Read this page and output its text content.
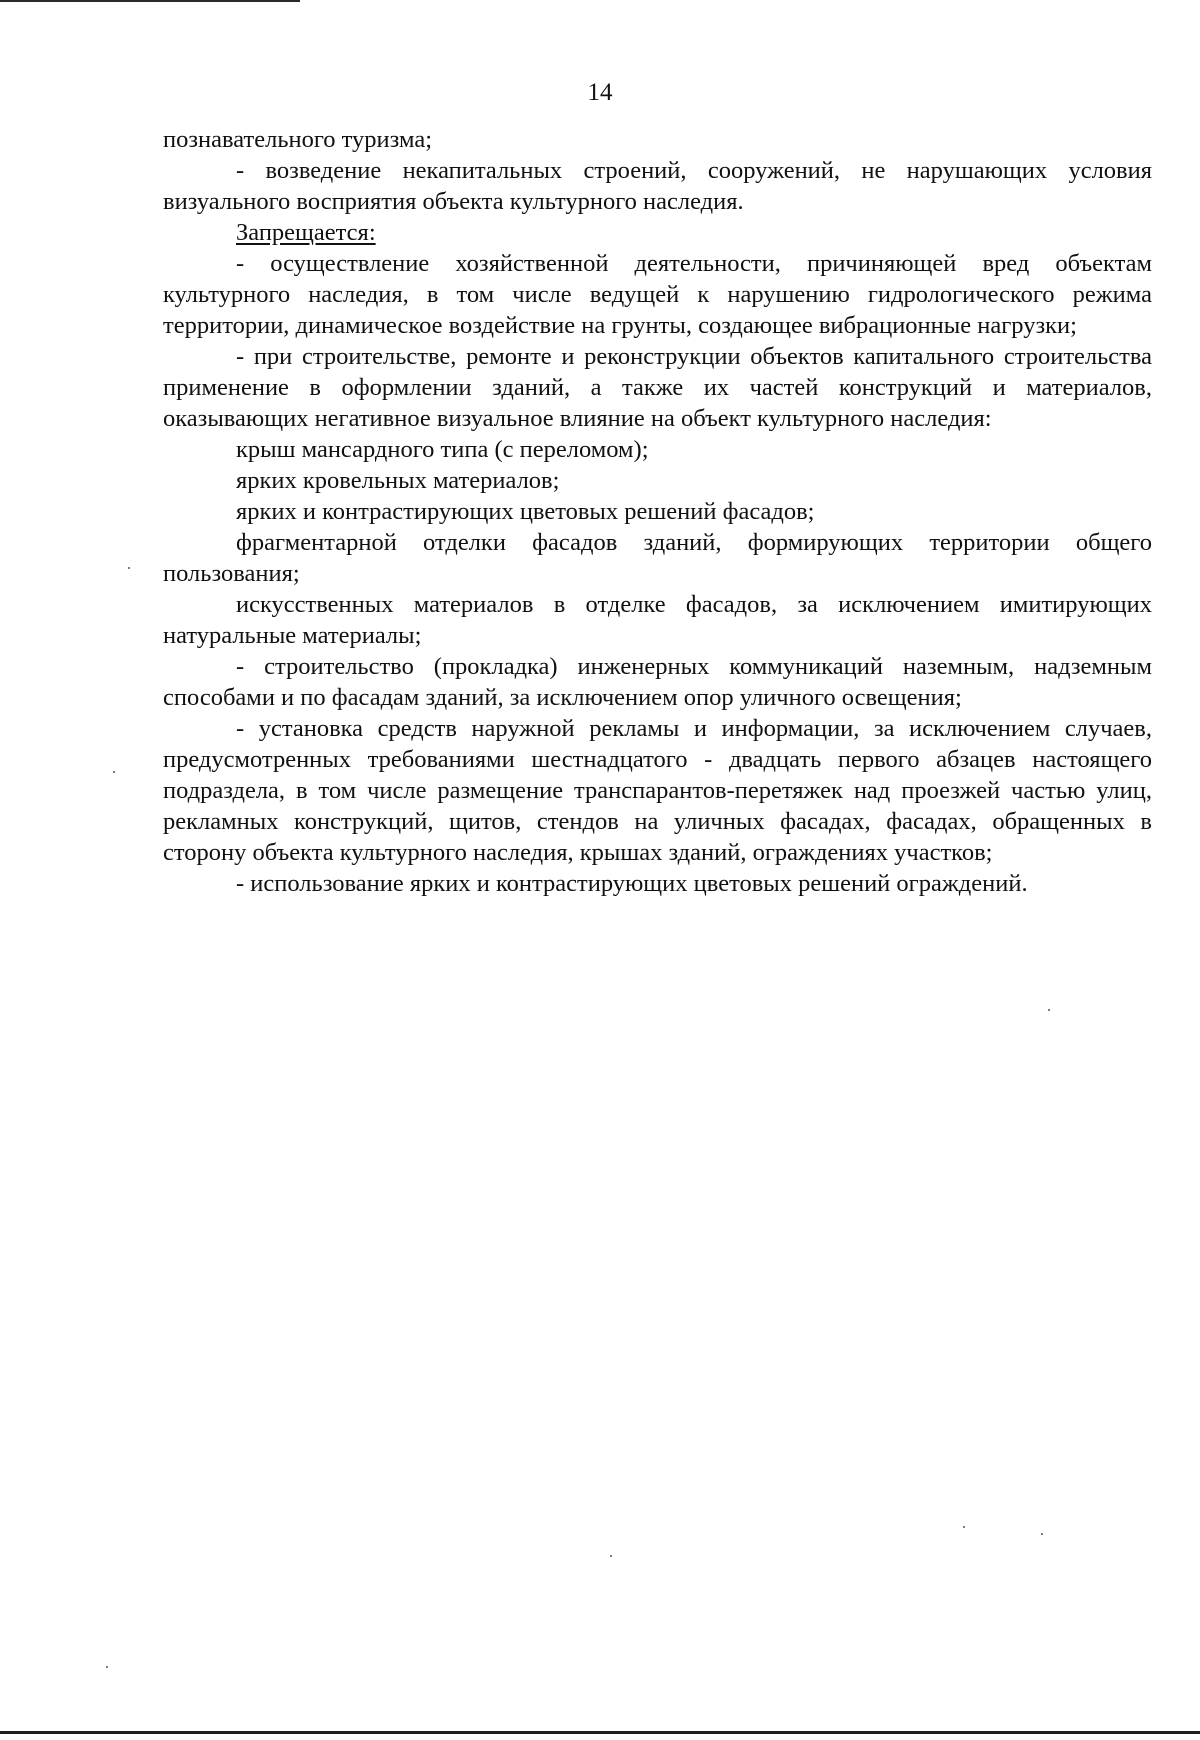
14

познавательного туризма;

- возведение некапитальных строений, сооружений, не нарушающих условия визуального восприятия объекта культурного наследия.

Запрещается:

- осуществление хозяйственной деятельности, причиняющей вред объектам культурного наследия, в том числе ведущей к нарушению гидрологического режима территории, динамическое воздействие на грунты, создающее вибрационные нагрузки;

- при строительстве, ремонте и реконструкции объектов капитального строительства применение в оформлении зданий, а также их частей конструкций и материалов, оказывающих негативное визуальное влияние на объект культурного наследия:

крыш мансардного типа (с переломом);

ярких кровельных материалов;

ярких и контрастирующих цветовых решений фасадов;

фрагментарной отделки фасадов зданий, формирующих территории общего пользования;

искусственных материалов в отделке фасадов, за исключением имитирующих натуральные материалы;

- строительство (прокладка) инженерных коммуникаций наземным, надземным способами и по фасадам зданий, за исключением опор уличного освещения;

- установка средств наружной рекламы и информации, за исключением случаев, предусмотренных требованиями шестнадцатого - двадцать первого абзацев настоящего подраздела, в том числе размещение транспарантов-перетяжек над проезжей частью улиц, рекламных конструкций, щитов, стендов на уличных фасадах, фасадах, обращенных в сторону объекта культурного наследия, крышах зданий, ограждениях участков;

- использование ярких и контрастирующих цветовых решений ограждений.
